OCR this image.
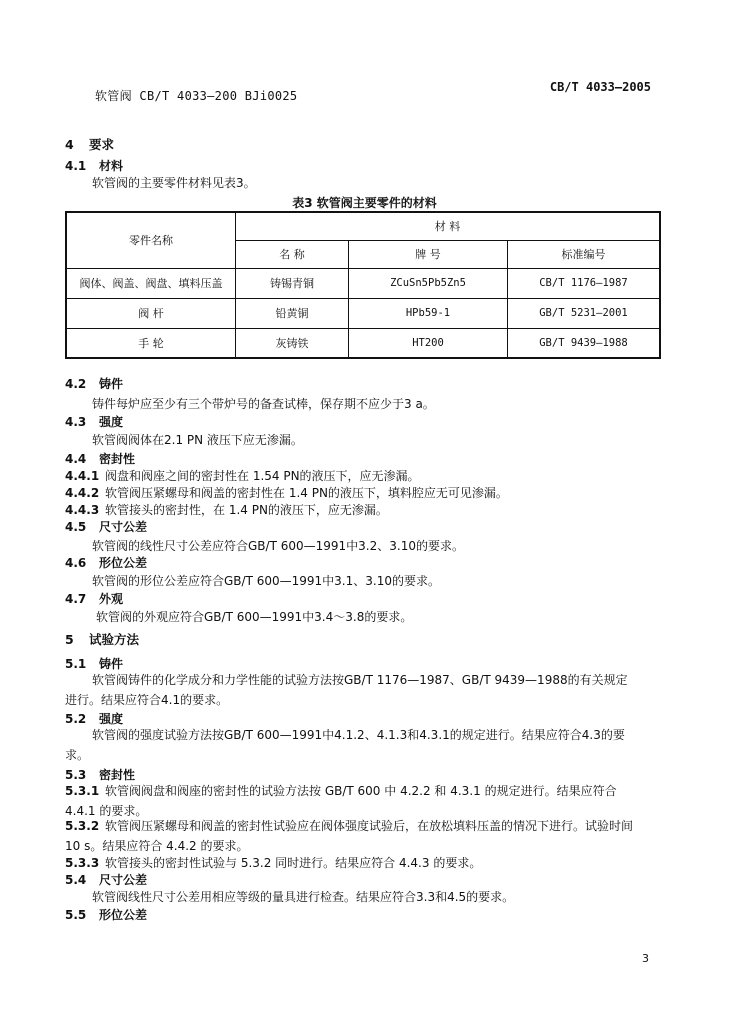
软管阀 CB/T 4033—200 BJi0025
CB/T 4033—2005
4 要求
4.1 材料
软管阀的主要零件材料见表3。
表3 软管阀主要零件的材料
零件名称	材 料		
	名 称	牌 号	标准编号
阀体、阀盖、阀盘、填料压盖	铸锡青铜	ZCuSn5Pb5Zn5	CB/T 1176—1987
阀 杆	铅黄铜	HPb59-1	GB/T 5231—2001
手 轮	灰铸铁	HT200	GB/T 9439—1988
4.2 铸件
铸件每炉应至少有三个带炉号的备查试棒，保存期不应少于3 a。
4.3 强度
软管阀阀体在2.1 PN 液压下应无渗漏。
4.4 密封性
4.4.1 阀盘和阀座之间的密封性在 1.54 PN的液压下，应无渗漏。
4.4.2 软管阀压紧螺母和阀盖的密封性在 1.4 PN的液压下，填料腔应无可见渗漏。
4.4.3 软管接头的密封性，在 1.4 PN的液压下，应无渗漏。
4.5 尺寸公差
软管阀的线性尺寸公差应符合GB/T 600—1991中3.2、3.10的要求。
4.6 形位公差
软管阀的形位公差应符合GB/T 600—1991中3.1、3.10的要求。
4.7 外观
软管阀的外观应符合GB/T 600—1991中3.4～3.8的要求。
5 试验方法
5.1 铸件
软管阀铸件的化学成分和力学性能的试验方法按GB/T 1176—1987、GB/T 9439—1988的有关规定进行。结果应符合4.1的要求。
5.2 强度
软管阀的强度试验方法按GB/T 600—1991中4.1.2、4.1.3和4.3.1的规定进行。结果应符合4.3的要求。
5.3 密封性
5.3.1 软管阀阀盘和阀座的密封性的试验方法按 GB/T 600 中 4.2.2 和 4.3.1 的规定进行。结果应符合 4.4.1 的要求。
5.3.2 软管阀压紧螺母和阀盖的密封性试验应在阀体强度试验后，在放松填料压盖的情况下进行。试验时间 10 s。结果应符合 4.4.2 的要求。
5.3.3 软管接头的密封性试验与 5.3.2 同时进行。结果应符合 4.4.3 的要求。
5.4 尺寸公差
软管阀线性尺寸公差用相应等级的量具进行检查。结果应符合3.3和4.5的要求。
5.5 形位公差
3
